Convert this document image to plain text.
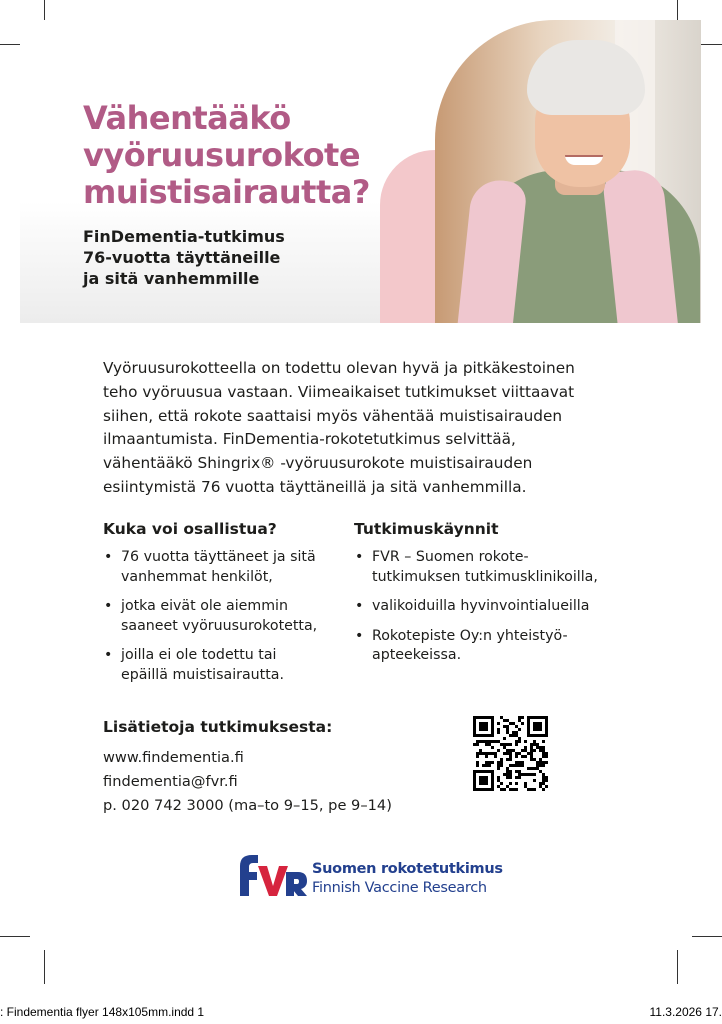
Vähentääkö
vyöruusurokote
muistisairautta?
FinDementia-tutkimus
76-vuotta täyttäneille
ja sitä vanhemmille
Vyöruusurokotteella on todettu olevan hyvä ja pitkäkestoinen
teho vyöruusua vastaan. Viimeaikaiset tutkimukset viittaavat
siihen, että rokote saattaisi myös vähentää muistisairauden
ilmaantumista. FinDementia-rokotetutkimus selvittää,
vähentääkö Shingrix® -vyöruusurokote muistisairauden
esiintymistä 76 vuotta täyttäneillä ja sitä vanhemmilla.
Kuka voi osallistua?
• 76 vuotta täyttäneet ja sitä
vanhemmat henkilöt,
• jotka eivät ole aiemmin
saaneet vyöruusurokotetta,
• joilla ei ole todettu tai
epäillä muistisairautta.
Tutkimuskäynnit
• FVR – Suomen rokote-
tutkimuksen tutkimusklinikoilla,
• valikoiduilla hyvinvointialueilla
• Rokotepiste Oy:n yhteistyö-
apteekeissa.
Lisätietoja tutkimuksesta:

www.findementia.fi

findementia@fvr.fi

p. 020 742 3000 (ma–to 9–15, pe 9–14)

Suomen rokotetutkimus
Finnish Vaccine Research
: Findementia flyer 148x105mm.indd 1	11.3.2026 17.
